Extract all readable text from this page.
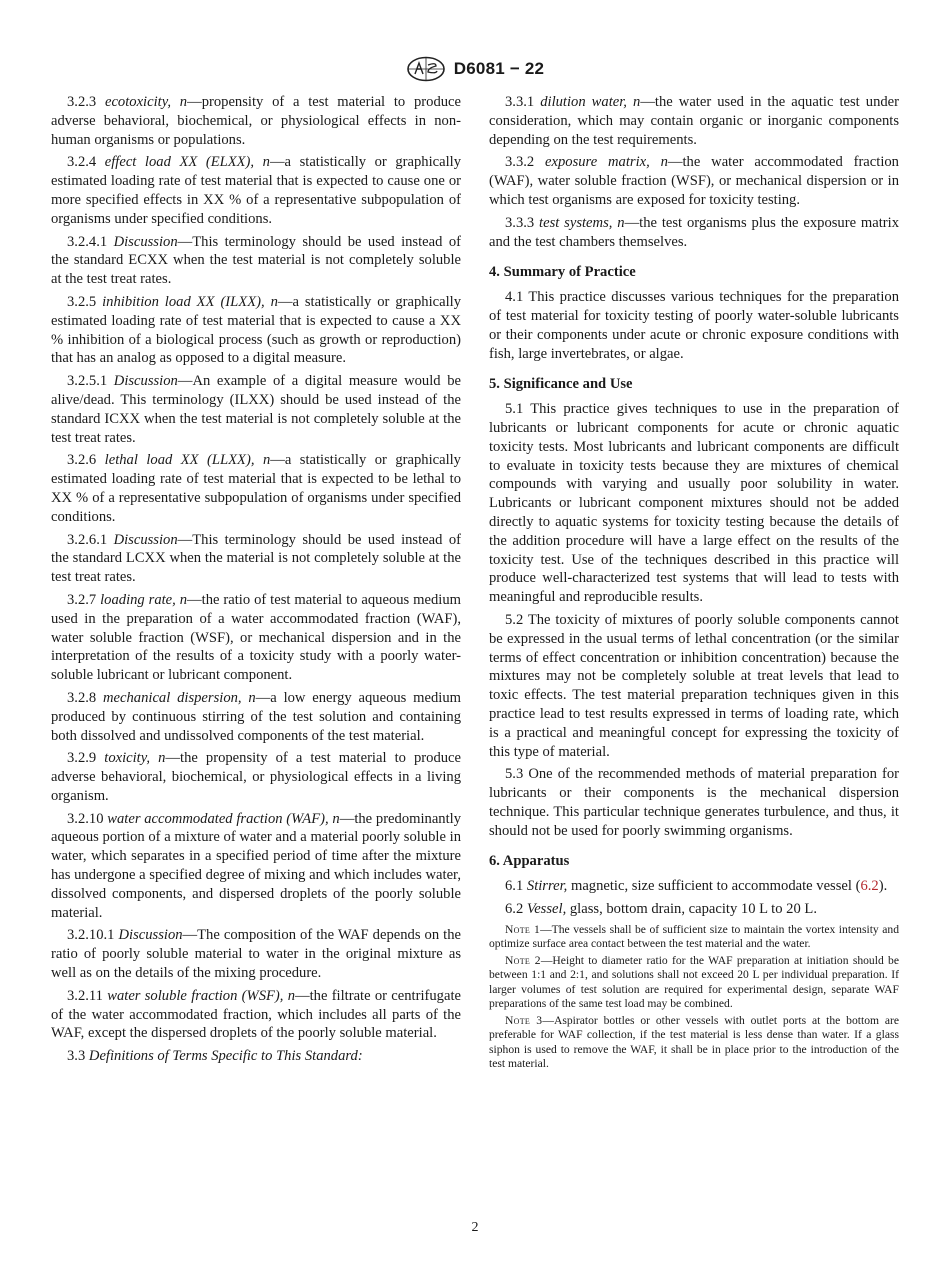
D6081 − 22

3.2.3 ecotoxicity, n—propensity of a test material to produce adverse behavioral, biochemical, or physiological effects in non-human organisms or populations.

3.2.4 effect load XX (ELXX), n—a statistically or graphically estimated loading rate of test material that is expected to cause one or more specified effects in XX % of a representative subpopulation of organisms under specified conditions.

3.2.4.1 Discussion—This terminology should be used instead of the standard ECXX when the test material is not completely soluble at the test treat rates.

3.2.5 inhibition load XX (ILXX), n—a statistically or graphically estimated loading rate of test material that is expected to cause a XX % inhibition of a biological process (such as growth or reproduction) that has an analog as opposed to a digital measure.

3.2.5.1 Discussion—An example of a digital measure would be alive/dead. This terminology (ILXX) should be used instead of the standard ICXX when the test material is not completely soluble at the test treat rates.

3.2.6 lethal load XX (LLXX), n—a statistically or graphically estimated loading rate of test material that is expected to be lethal to XX % of a representative subpopulation of organisms under specified conditions.

3.2.6.1 Discussion—This terminology should be used instead of the standard LCXX when the material is not completely soluble at the test treat rates.

3.2.7 loading rate, n—the ratio of test material to aqueous medium used in the preparation of a water accommodated fraction (WAF), water soluble fraction (WSF), or mechanical dispersion and in the interpretation of the results of a toxicity study with a poorly water-soluble lubricant or lubricant component.

3.2.8 mechanical dispersion, n—a low energy aqueous medium produced by continuous stirring of the test solution and containing both dissolved and undissolved components of the test material.

3.2.9 toxicity, n—the propensity of a test material to produce adverse behavioral, biochemical, or physiological effects in a living organism.

3.2.10 water accommodated fraction (WAF), n—the predominantly aqueous portion of a mixture of water and a material poorly soluble in water, which separates in a specified period of time after the mixture has undergone a specified degree of mixing and which includes water, dissolved components, and dispersed droplets of the poorly soluble material.

3.2.10.1 Discussion—The composition of the WAF depends on the ratio of poorly soluble material to water in the original mixture as well as on the details of the mixing procedure.

3.2.11 water soluble fraction (WSF), n—the filtrate or centrifugate of the water accommodated fraction, which includes all parts of the WAF, except the dispersed droplets of the poorly soluble material.

3.3 Definitions of Terms Specific to This Standard:

3.3.1 dilution water, n—the water used in the aquatic test under consideration, which may contain organic or inorganic components depending on the test requirements.

3.3.2 exposure matrix, n—the water accommodated fraction (WAF), water soluble fraction (WSF), or mechanical dispersion or in which test organisms are exposed for toxicity testing.

3.3.3 test systems, n—the test organisms plus the exposure matrix and the test chambers themselves.

4. Summary of Practice

4.1 This practice discusses various techniques for the preparation of test material for toxicity testing of poorly water-soluble lubricants or their components under acute or chronic exposure conditions with fish, large invertebrates, or algae.

5. Significance and Use

5.1 This practice gives techniques to use in the preparation of lubricants or lubricant components for acute or chronic aquatic toxicity tests. Most lubricants and lubricant components are difficult to evaluate in toxicity tests because they are mixtures of chemical compounds with varying and usually poor solubility in water. Lubricants or lubricant component mixtures should not be added directly to aquatic systems for toxicity testing because the details of the addition procedure will have a large effect on the results of the toxicity test. Use of the techniques described in this practice will produce well-characterized test systems that will lead to tests with meaningful and reproducible results.

5.2 The toxicity of mixtures of poorly soluble components cannot be expressed in the usual terms of lethal concentration (or the similar terms of effect concentration or inhibition concentration) because the mixtures may not be completely soluble at treat levels that lead to toxic effects. The test material preparation techniques given in this practice lead to test results expressed in terms of loading rate, which is a practical and meaningful concept for expressing the toxicity of this type of material.

5.3 One of the recommended methods of material preparation for lubricants or their components is the mechanical dispersion technique. This particular technique generates turbulence, and thus, it should not be used for poorly swimming organisms.

6. Apparatus

6.1 Stirrer, magnetic, size sufficient to accommodate vessel (6.2).

6.2 Vessel, glass, bottom drain, capacity 10 L to 20 L.

Note 1—The vessels shall be of sufficient size to maintain the vortex intensity and optimize surface area contact between the test material and the water.

Note 2—Height to diameter ratio for the WAF preparation at initiation should be between 1:1 and 2:1, and solutions shall not exceed 20 L per individual preparation. If larger volumes of test solution are required for experimental design, separate WAF preparations of the same test load may be combined.

Note 3—Aspirator bottles or other vessels with outlet ports at the bottom are preferable for WAF collection, if the test material is less dense than water. If a glass siphon is used to remove the WAF, it shall be in place prior to the introduction of the test material.

2
